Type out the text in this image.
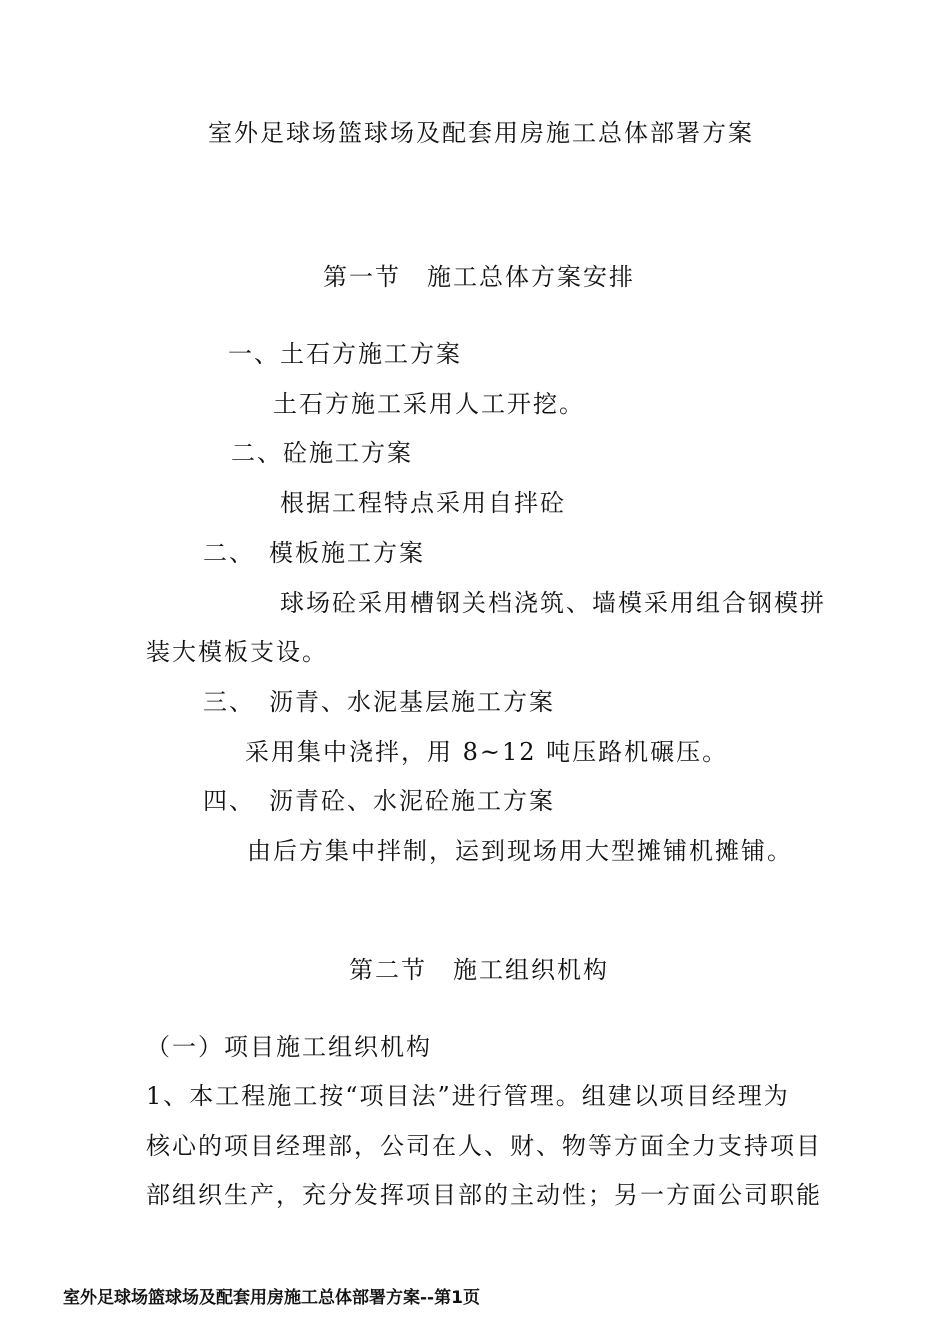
室外足球场篮球场及配套用房施工总体部署方案
第一节　施工总体方案安排
一、土石方施工方案
土石方施工采用人工开挖。
二、砼施工方案
根据工程特点采用自拌砼
二、　模板施工方案
球场砼采用槽钢关档浇筑、墙模采用组合钢模拼
装大模板支设。
三、　沥青、水泥基层施工方案
采用集中浇拌，用 8~12 吨压路机碾压。
四、　沥青砼、水泥砼施工方案
由后方集中拌制，运到现场用大型摊铺机摊铺。
第二节　施工组织机构
（一）项目施工组织机构
1、本工程施工按“项目法”进行管理。组建以项目经理为
核心的项目经理部，公司在人、财、物等方面全力支持项目
部组织生产，充分发挥项目部的主动性；另一方面公司职能
室外足球场篮球场及配套用房施工总体部署方案--第1页
